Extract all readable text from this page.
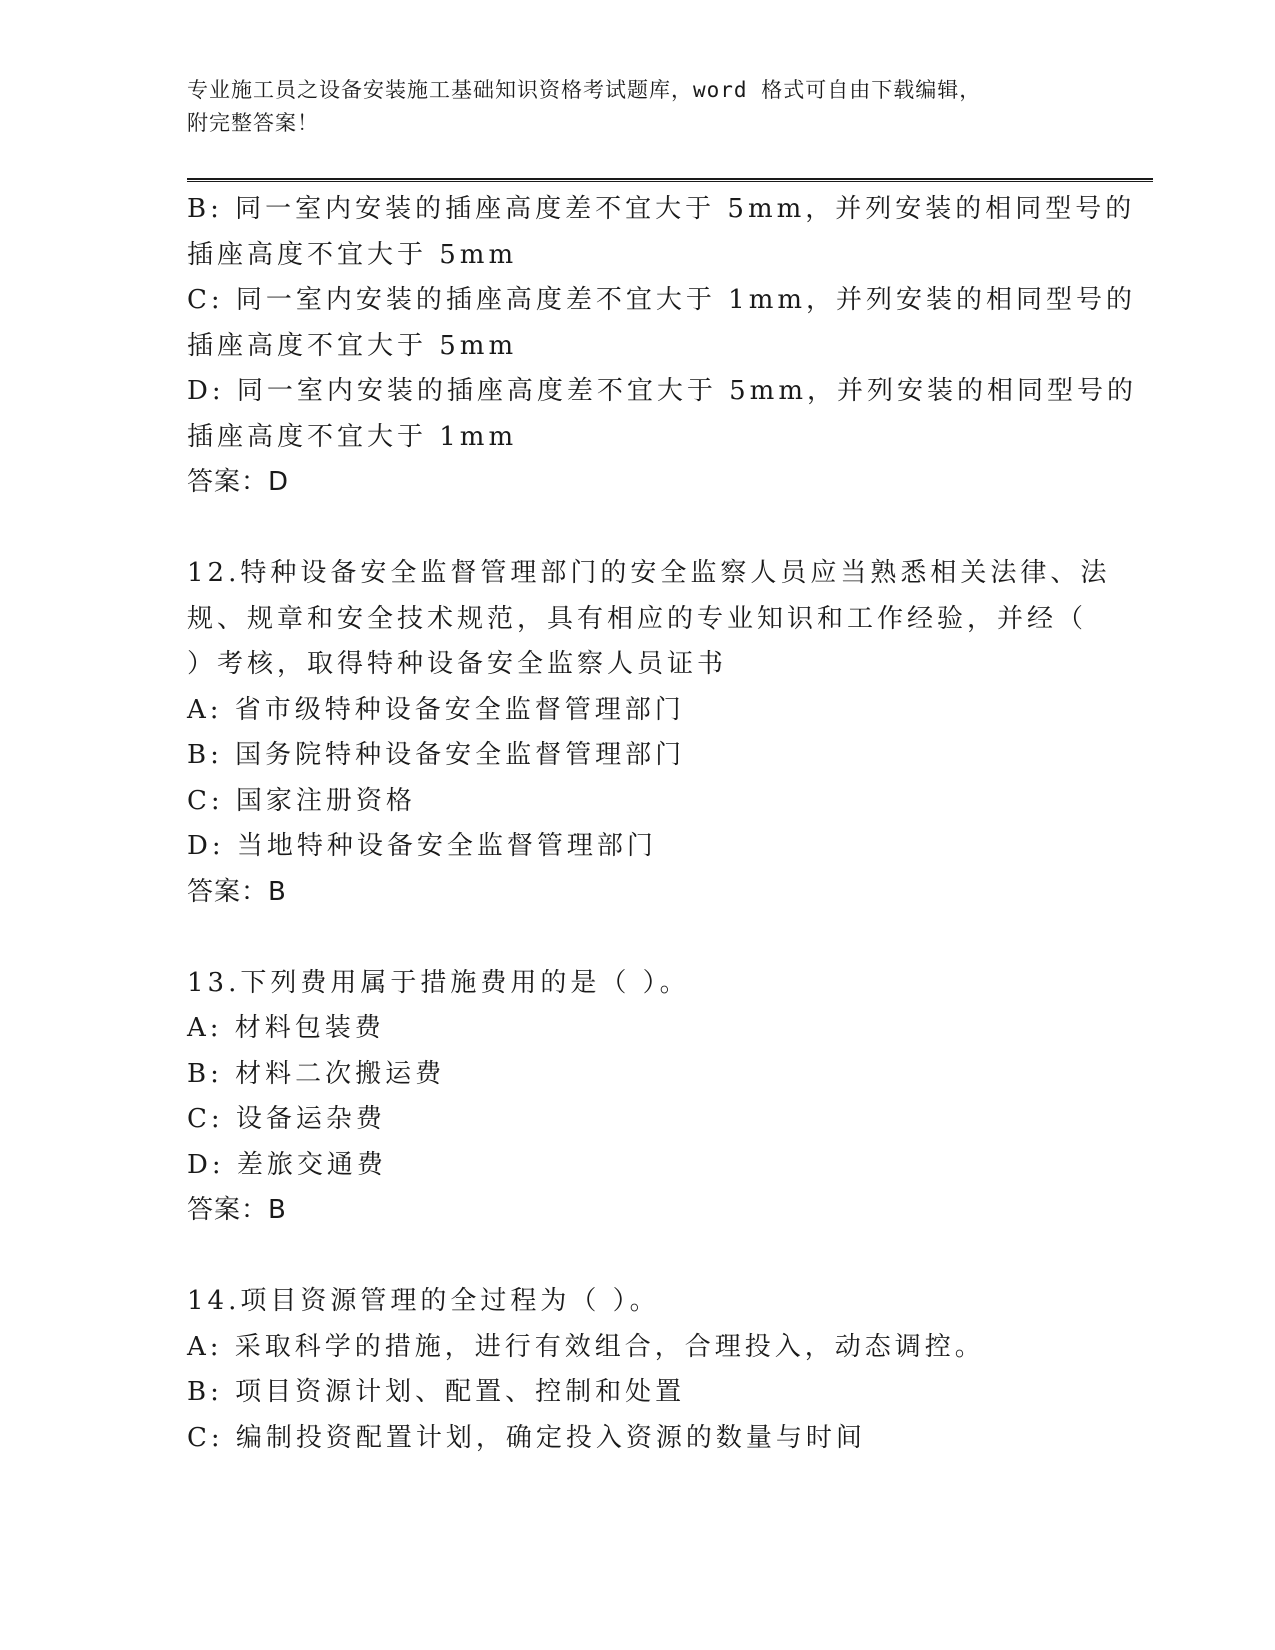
专业施工员之设备安装施工基础知识资格考试题库，word 格式可自由下载编辑，
附完整答案！
B: 同一室内安装的插座高度差不宜大于 5mm，并列安装的相同型号的
插座高度不宜大于 5mm
C: 同一室内安装的插座高度差不宜大于 1mm，并列安装的相同型号的
插座高度不宜大于 5mm
D: 同一室内安装的插座高度差不宜大于 5mm，并列安装的相同型号的
插座高度不宜大于 1mm
答案：D
12.特种设备安全监督管理部门的安全监察人员应当熟悉相关法律、法
规、规章和安全技术规范，具有相应的专业知识和工作经验，并经（
）考核，取得特种设备安全监察人员证书
A: 省市级特种设备安全监督管理部门
B: 国务院特种设备安全监督管理部门
C: 国家注册资格
D: 当地特种设备安全监督管理部门
答案：B
13.下列费用属于措施费用的是（ ）。
A: 材料包装费
B: 材料二次搬运费
C: 设备运杂费
D: 差旅交通费
答案：B
14.项目资源管理的全过程为（ ）。
A: 采取科学的措施，进行有效组合，合理投入，动态调控。
B: 项目资源计划、配置、控制和处置
C: 编制投资配置计划，确定投入资源的数量与时间
